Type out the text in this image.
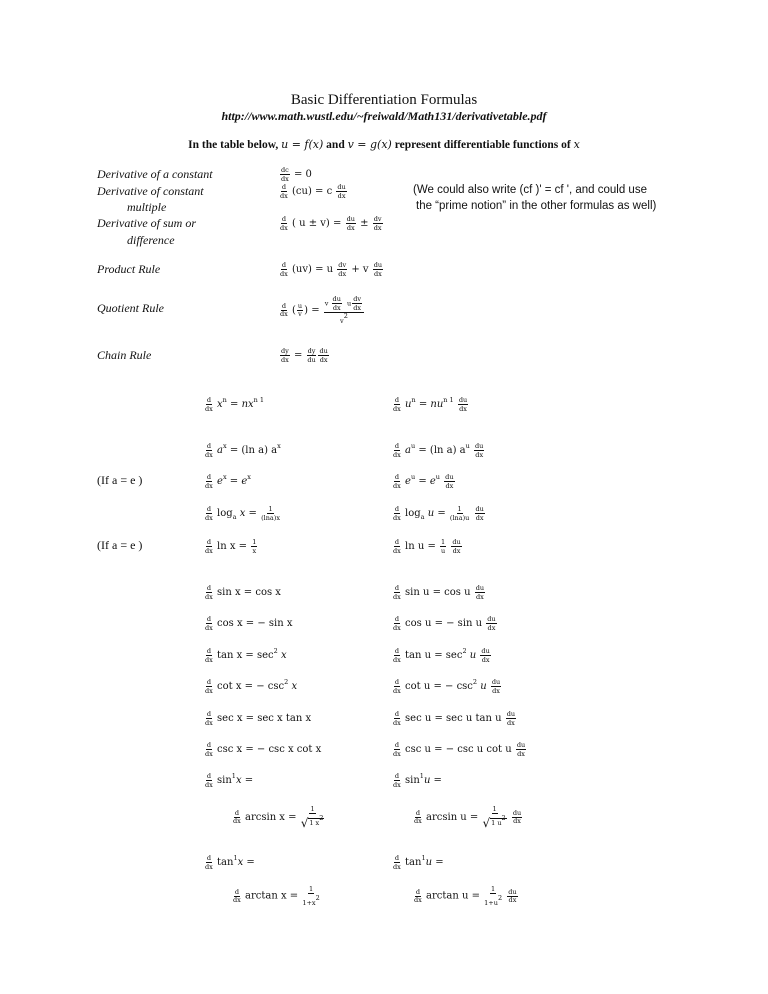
Basic Differentiation Formulas
http://www.math.wustl.edu/~freiwald/Math131/derivativetable.pdf
In the table below, u = f(x) and v = g(x) represent differentiable functions of x
Derivative of a constant
Derivative of constant
multiple
Derivative of sum or
difference
Product Rule
Quotient Rule
Chain Rule
(We could also write (cf )' = cf ', and could use
the “prime notion” in the other formulas as well)
(If a = e )
(If a = e )
$\frac{dc}{dx} = 0$
$\frac{d}{dx} (cu) = c \frac{du}{dx}$
$\frac{d}{dx}$ ( $u \pm v) = \frac{du}{dx} \pm \frac{dv}{dx}$
$\frac{d}{dx} (uv) = u \frac{dv}{dx} + v \frac{du}{dx}$
$\frac{d}{dx}$ ( $\frac{u}{v}$ ) =
v $\frac{du}{dx}$ u $\frac{dv}{dx}$
v2
$\frac{dy}{dx} = \frac{dy}{du} \frac{du}{dx}$
$\frac{d}{dx} x^n = nx^{n 1}$
$\frac{d}{dx} a^x = (\ln$ a) $a^x$
$\frac{d}{dx} e^x = e^x$
$\frac{d}{dx} \log_a x = \frac{1}{(\ln a)x}$
$\frac{d}{dx}$ $\ln x = \frac{1}{x}$
$\frac{d}{dx}$ sin x = cos x
$\frac{d}{dx}$ cos x = − sin x
$\frac{d}{dx}$ $\tan x = \sec^2 x$
$\frac{d}{dx}$ cot x = − $\csc^2 x$
$\frac{d}{dx}$ sec x = sec x tan x
$\frac{d}{dx}$ csc x = − csc x cot x
$\frac{d}{dx} \sin^1x$ =
$\frac{d}{dx}$ $\arcsin x = \frac{1}{√1 x2}$
$\frac{d}{dx} \tan^1x$ =
$\frac{d}{dx}$ $\arctan x = \frac{1}{1+x2}$
$\frac{d}{dx} u^n = nu^{n 1} \frac{du}{dx}$
$\frac{d}{dx} a^u = (\ln$ a) $a^u \frac{du}{dx}$
$\frac{d}{dx} e^u = e^u \frac{du}{dx}$
$\frac{d}{dx} \log_a u = \frac{1}{(\ln a)u}$
$\frac{du}{dx}$
$\frac{d}{dx}$ $\ln u = \frac{1}{u}$
$\frac{du}{dx}$
$\frac{d}{dx}$ sin u = cos u $\frac{du}{dx}$
$\frac{d}{dx}$ cos u = − sin u $\frac{du}{dx}$
$\frac{d}{dx}$ $\tan u = \sec^2 u \frac{du}{dx}$
$\frac{d}{dx}$ cot u = − $\csc^2 u \frac{du}{dx}$
$\frac{d}{dx}$ sec u = sec u tan u $\frac{du}{dx}$
$\frac{d}{dx}$ csc u = − csc u cot u $\frac{du}{dx}$
$\frac{d}{dx} \sin^1u$ =
$\frac{d}{dx}$ $\arcsin u = \frac{1}{√1 u2}$
$\frac{du}{dx}$
$\frac{d}{dx} \tan^1u$ =
$\frac{d}{dx}$ $\arctan u = \frac{1}{1+u2}$
$\frac{du}{dx}$
